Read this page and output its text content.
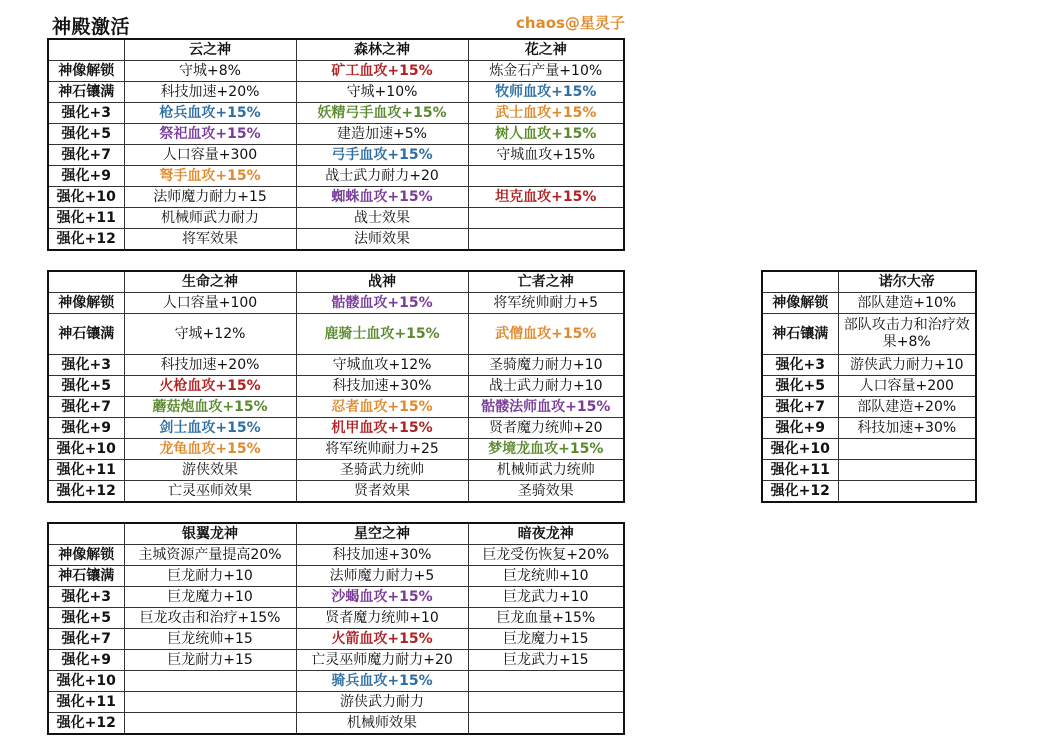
神殿激活	chaos@星灵子
	云之神	森林之神	花之神
神像解锁	守城+8%	矿工血攻+15%	炼金石产量+10%
神石镶满	科技加速+20%	守城+10%	牧师血攻+15%
强化+3	枪兵血攻+15%	妖精弓手血攻+15%	武士血攻+15%
强化+5	祭祀血攻+15%	建造加速+5%	树人血攻+15%
强化+7	人口容量+300	弓手血攻+15%	守城血攻+15%
强化+9	弩手血攻+15%	战士武力耐力+20	
强化+10	法师魔力耐力+15	蜘蛛血攻+15%	坦克血攻+15%
强化+11	机械师武力耐力	战士效果	
强化+12	将军效果	法师效果	
	生命之神	战神	亡者之神
神像解锁	人口容量+100	骷髅血攻+15%	将军统帅耐力+5
神石镶满	守城+12%	鹿骑士血攻+15%	武僧血攻+15%
强化+3	科技加速+20%	守城血攻+12%	圣骑魔力耐力+10
强化+5	火枪血攻+15%	科技加速+30%	战士武力耐力+10
强化+7	蘑菇炮血攻+15%	忍者血攻+15%	骷髅法师血攻+15%
强化+9	剑士血攻+15%	机甲血攻+15%	贤者魔力统帅+20
强化+10	龙龟血攻+15%	将军统帅耐力+25	梦境龙血攻+15%
强化+11	游侠效果	圣骑武力统帅	机械师武力统帅
强化+12	亡灵巫师效果	贤者效果	圣骑效果
	银翼龙神	星空之神	暗夜龙神
神像解锁	主城资源产量提高20%	科技加速+30%	巨龙受伤恢复+20%
神石镶满	巨龙耐力+10	法师魔力耐力+5	巨龙统帅+10
强化+3	巨龙魔力+10	沙蝎血攻+15%	巨龙武力+10
强化+5	巨龙攻击和治疗+15%	贤者魔力统帅+10	巨龙血量+15%
强化+7	巨龙统帅+15	火箭血攻+15%	巨龙魔力+15
强化+9	巨龙耐力+15	亡灵巫师魔力耐力+20	巨龙武力+15
强化+10		骑兵血攻+15%	
强化+11		游侠武力耐力	
强化+12		机械师效果	
	诺尔大帝
神像解锁	部队建造+10%
神石镶满	部队攻击力和治疗效果+8%
强化+3	游侠武力耐力+10
强化+5	人口容量+200
强化+7	部队建造+20%
强化+9	科技加速+30%
强化+10	
强化+11	
强化+12	
